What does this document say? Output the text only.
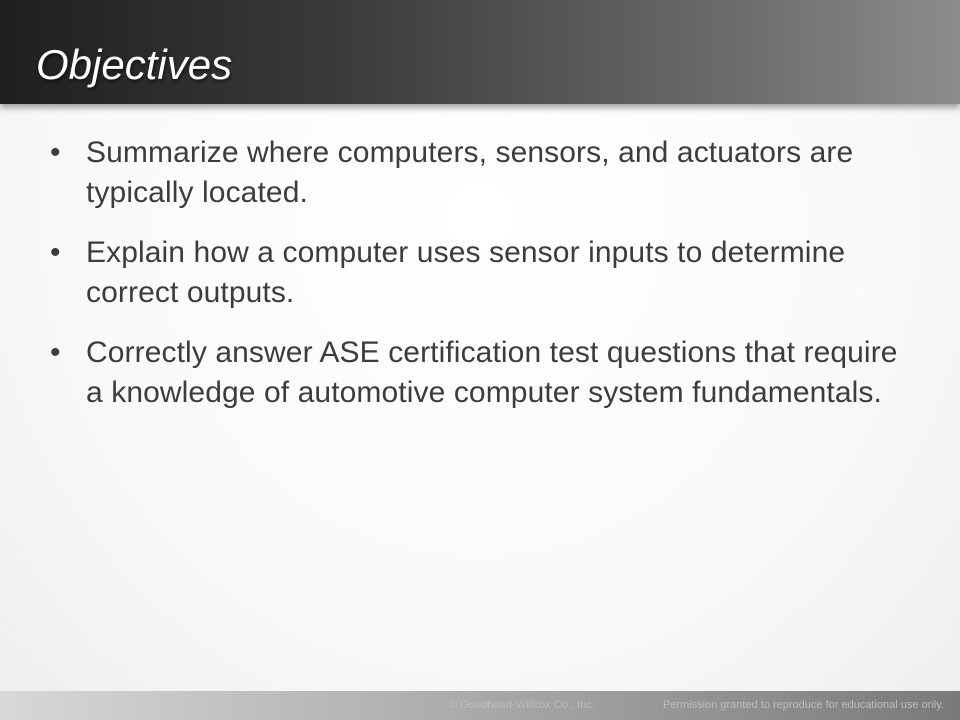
Objectives
• Summarize where computers, sensors, and actuators are typically located.
• Explain how a computer uses sensor inputs to determine correct outputs.
• Correctly answer ASE certification test questions that require a knowledge of automotive computer system fundamentals.
© Goodheart-Willcox Co., Inc.	Permission granted to reproduce for educational use only.
